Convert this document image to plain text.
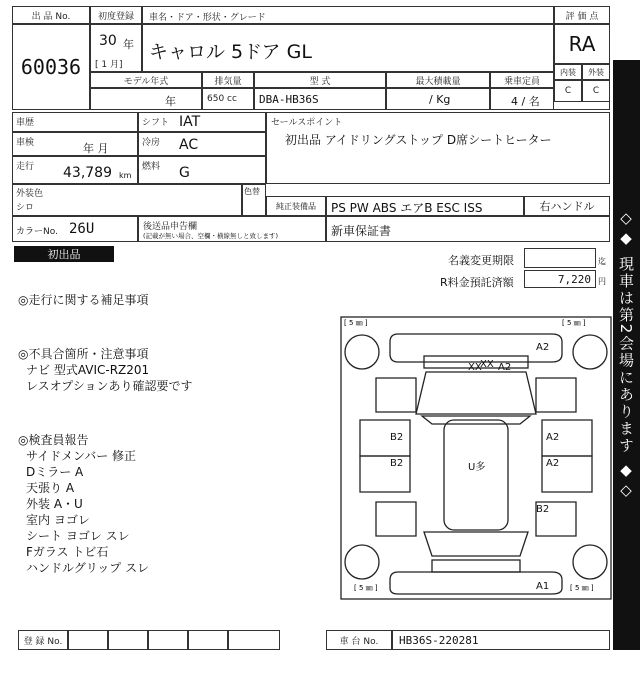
出 品 No.
60036
初度登録
30 年
[ 1 月]
車名・ドア・形状・グレード
キャロル 5ドア GL
評 価 点
RA
内装	外装
C	C
モデル年式	排気量	型 式	最大積載量	乗車定員
年	650 cc DBA-HB36S	/ Kg	4 / 名
車歴
車検	年 月
走行 43,789 km
シフト IAT
冷房 AC
燃料 G
セールスポイント
初出品 アイドリングストップ D席シートヒーター
外装色
シロ
色替
純正装備品	PS PW ABS エアB ESC ISS	右ハンドル
カラーNo. 26U	後送品申告欄
(記載が無い場合、空欄・横線無しと致します)	新車保証書
初出品	名義変更期限	迄
R料金預託済額	7,220 円
◎走行に関する補足事項
◎不具合箇所・注意事項
ナビ 型式AVIC-RZ201
レスオプションあり確認要です
◎検査員報告
サイドメンバー 修正
Dミラー A
天張り A
外装 A・U
室内 ヨゴレ
シート ヨゴレ スレ
Fガラス トビ石
ハンドルグリップ スレ
[ 5 ㎜ ]	[ 5 ㎜ ]
[ 5 ㎜ ]	[ 5 ㎜ ]
A2
XX
XX A2
B2
B2
A2
A2
U多
B2
A1
◇◆ 現車は第2会場にあります ◆◇
登 録 No.	車 台 No.	HB36S-220281
